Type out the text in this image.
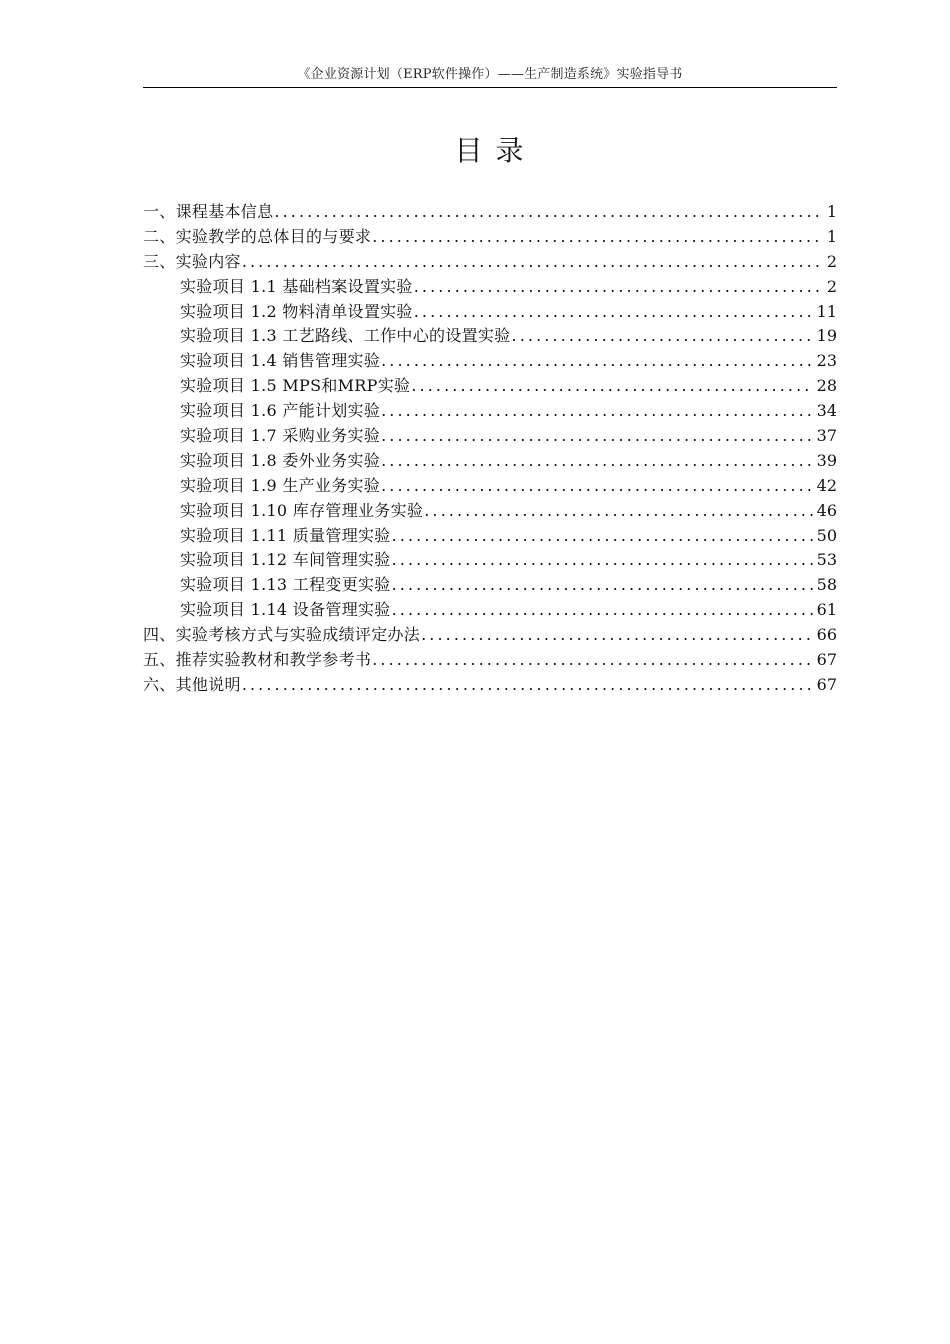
《企业资源计划（ERP软件操作）——生产制造系统》实验指导书
目 录
一、课程基本信息 .....	1
二、实验教学的总体目的与要求 .....	1
三、实验内容 .....	2
实验项目 1.1 基础档案设置实验 .....	2
实验项目 1.2 物料清单设置实验 .....	11
实验项目 1.3 工艺路线、工作中心的设置实验 .....	19
实验项目 1.4 销售管理实验 .....	23
实验项目 1.5 MPS和MRP实验 .....	28
实验项目 1.6 产能计划实验 .....	34
实验项目 1.7 采购业务实验 .....	37
实验项目 1.8 委外业务实验 .....	39
实验项目 1.9 生产业务实验 .....	42
实验项目 1.10 库存管理业务实验 .....	46
实验项目 1.11 质量管理实验 .....	50
实验项目 1.12 车间管理实验 .....	53
实验项目 1.13 工程变更实验 .....	58
实验项目 1.14 设备管理实验 .....	61
四、实验考核方式与实验成绩评定办法 .....	66
五、推荐实验教材和教学参考书 .....	67
六、其他说明 .....	67
